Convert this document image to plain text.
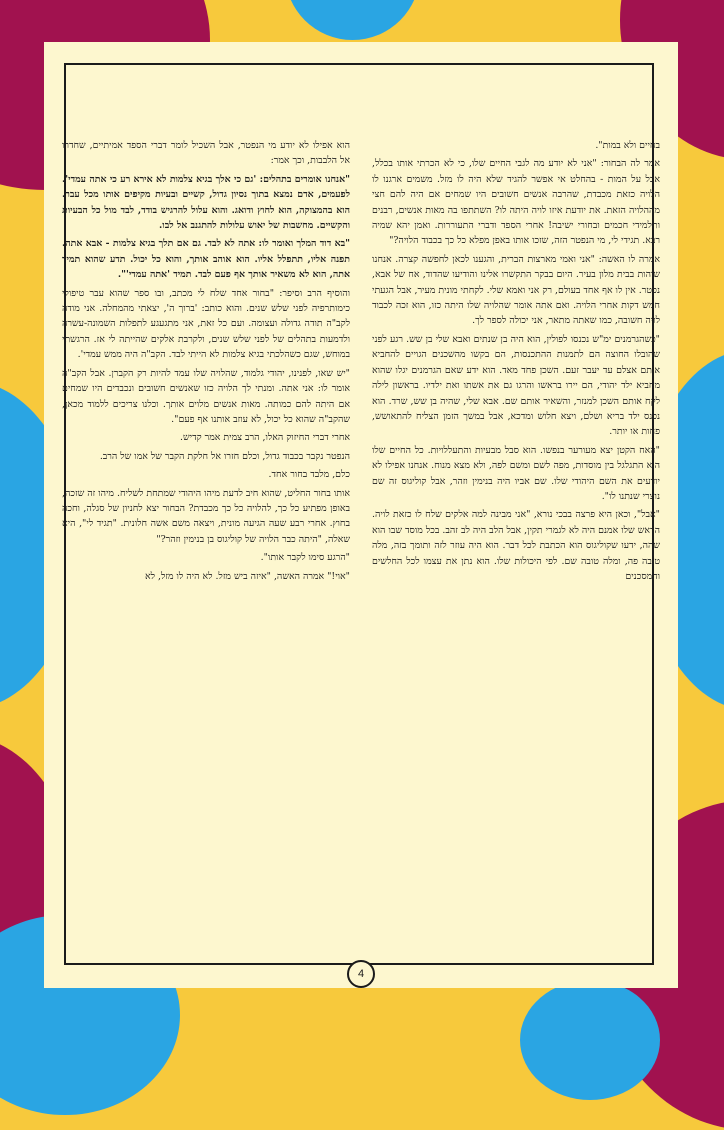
הוא אפילו לא יודע מי הנפטר, אבל השכיל לומר דברי הספד אמיתיים, שחדרו אל הלבבות, וכך אמר:

"אנחנו אומרים בתהלים: 'גם כי אלך בגיא צלמות לא אירא רע כי אתה עמדי'. לפעמים, אדם נמצא בתוך נסיון גדול, קשיים ובעיות מקיפים אותו מכל עבר. הוא בהמצוקה, הוא לחוץ ודואג. והוא עלול להרגיש בודד, לבד מול כל הבעיות והקשיים. מחשבות של יאוש עלולות להתגנב אל לבו.

"בא דוד המלך ואומר לו: אתה לא לבד. גם אם תלך בגיא צלמות - אבא אתה. תפנה אליו, תתפלל אליו. הוא אוהב אותך, והוא כל יכול. תדע שהוא תמיד אתה, הוא לא משאיר אותך אף פעם לבד. תמיד 'אתה עמדי'".

והוסיף הרב וסיפר: "בחור אחד שלח לי מכתב, ובו ספר שהוא עבר טיפולי כימותרפיה לפני שלש שנים. והוא כותב: 'ברוך ה', יצאתי מהמחלה. אני מודה לקב"ה תודה גדולה ועצומה. ועם כל זאת, אני מתגעגע לתפלות השמונה-עשרה ולדמעות בתהלים של לפני שלש שנים, ולקרבת אלקים שהייתה לי אז. הרגשתי במוחש, שגם כשהלכתי בגיא צלמות לא הייתי לבד. הקב"ה היה ממש עמדי'.

"יש שאו, לפנינו, יהודי גלמוד, שהלויה שלו עמד להיות רק הקברן. אבל הקב"ה אומר לו: אני אתה. ומנתי לך הלויה כזו שאנשים חשובים ונכבדים היו שמחים אם היתה להם כמותה. מאות אנשים מלוים אותך. וכלנו צריכים ללמוד מכאן, שהקב"ה שהוא כל יכול, לא עוזב אותנו אף פעם".

אחרי דברי החיזוק האלו, הרב צמית אמר קדיש.

הנפטר נקבר בכבוד גדול, וכלם חזרו אל חלקת הקבר של אמו של הרב.

כלם, מלבד בחור אחד.

אותו בחור החליט, שהוא חיב לדעת מיהו היהודי שמתחת לשליח. מיהו זה שזכה, באופן מפתיע כל כך, להלויה כל כך מכבדת? הבחור יצא לחניון של סגלה, וחכה בחוץ. אחרי רבע שעה הגיעה מונית, ויצאה משם אשה חלונית. "תגיד לי", היא שאלה, "היתה כבר הלויה של קוליגוס בן בנימין וזהר?"

"הרגע סימו לקבר אותו".

"אוי!" אמרה האשה, "איזה ביש מזל. לא היה לו מזל, לא

בחיים ולא במות".

אמר לה הבחור: "אני לא יודע מה לגבי החיים שלו, כי לא הכרתי אותו בכלל, אבל על המות - בהחלט אי אפשר להגיד שלא היה לו מזל. משמים ארגנו לו הלויה כזאת מכבדת, שהרבה אנשים חשובים היו שמחים אם היה להם חצי מההלויה הזאת. את יודעת איזו לויה היתה לו? השתתפו בה מאות אנשים, רבנים ותלמידי חכמים ובחורי ישיבה! אחרי הספד ודברי התעוררות. ואמן יהא שמיה רבא. תגידי לי, מי הנפטר הזה, שזכו אותו באפן מפלא כל כך בכבוד הלויה?"

אמרה לו האשה: "אני ואמי מארצות הברית, והגענו לכאן לחפשה קצרה. אנחנו שוהות בבית מלון בעיר. היום בבקר התקשרו אלינו והודיעו שהדוד, אח של אבא, נפטר. אין לו אף אחד בעולם, רק אני ואמא שלי. לקחתי מונית מעיר, אבל הגעתי חמש דקות אחרי הלויה. ואם אתה אומר שהלויה שלו היתה כזו, הוא זכה לכבוד לויה חשובה, כמו שאתה מתאר, אני יכולה לספר לך.

"כשהגרמנים ימ"ש נכנסו לפולין, הוא היה בן שנתים ואבא שלי בן שש. רגע לפני שהובלו החוצה הם לתמנות ההתכנסות, הם בקשו מהשכנים הגויים להחביא אותם אצלם עד יעבר זעם. השכן פחד מאד. הוא ידע שאם הגרמנים יגלו שהוא מחביא ילד יהודי, הם יירו בראשו והרגו גם את אשתו ואת ילדיו. בראשון לילה לקח אותם השכן למנזר, והשאיר אותם שם. אבא שלי, שהיה בן שש, שרד. הוא נכנס ילד בריא ושלם, ויצא חלוש ומדכא, אבל במשך הזמן הצליח להתאושש, פחות או יותר.

"האח הקטן יצא מעורער בנפשו. הוא סבל מבעיות והתעללויות. כל החיים שלו הוא התגלגל בין מוסדות, מפה לשם ומשם לפה, ולא מצא מנוח. אנחנו אפילו לא יודעים את השם היהודי שלו. שם אביו היה בנימין וזהר, אבל קוליגוס זה שם נוצרי שנתנו לו".

"אבל", וכאן היא פרצה בבכי נורא, "אני מבינה למה אלקים שלח לו כזאת לויה. הראש שלו אמנם היה לא לגמרי תקין, אבל הלב היה לב זהב. בכל מוסד שבו הוא שהה, ידעו שקוליגוס הוא הכתבת לכל דבר. הוא היה עוזר לזה ותומך בזה, מלה טובה פה, ומלה טובה שם. לפי היכולות שלו. הוא נתן את עצמו לכל החלשים והמסכנים

4
